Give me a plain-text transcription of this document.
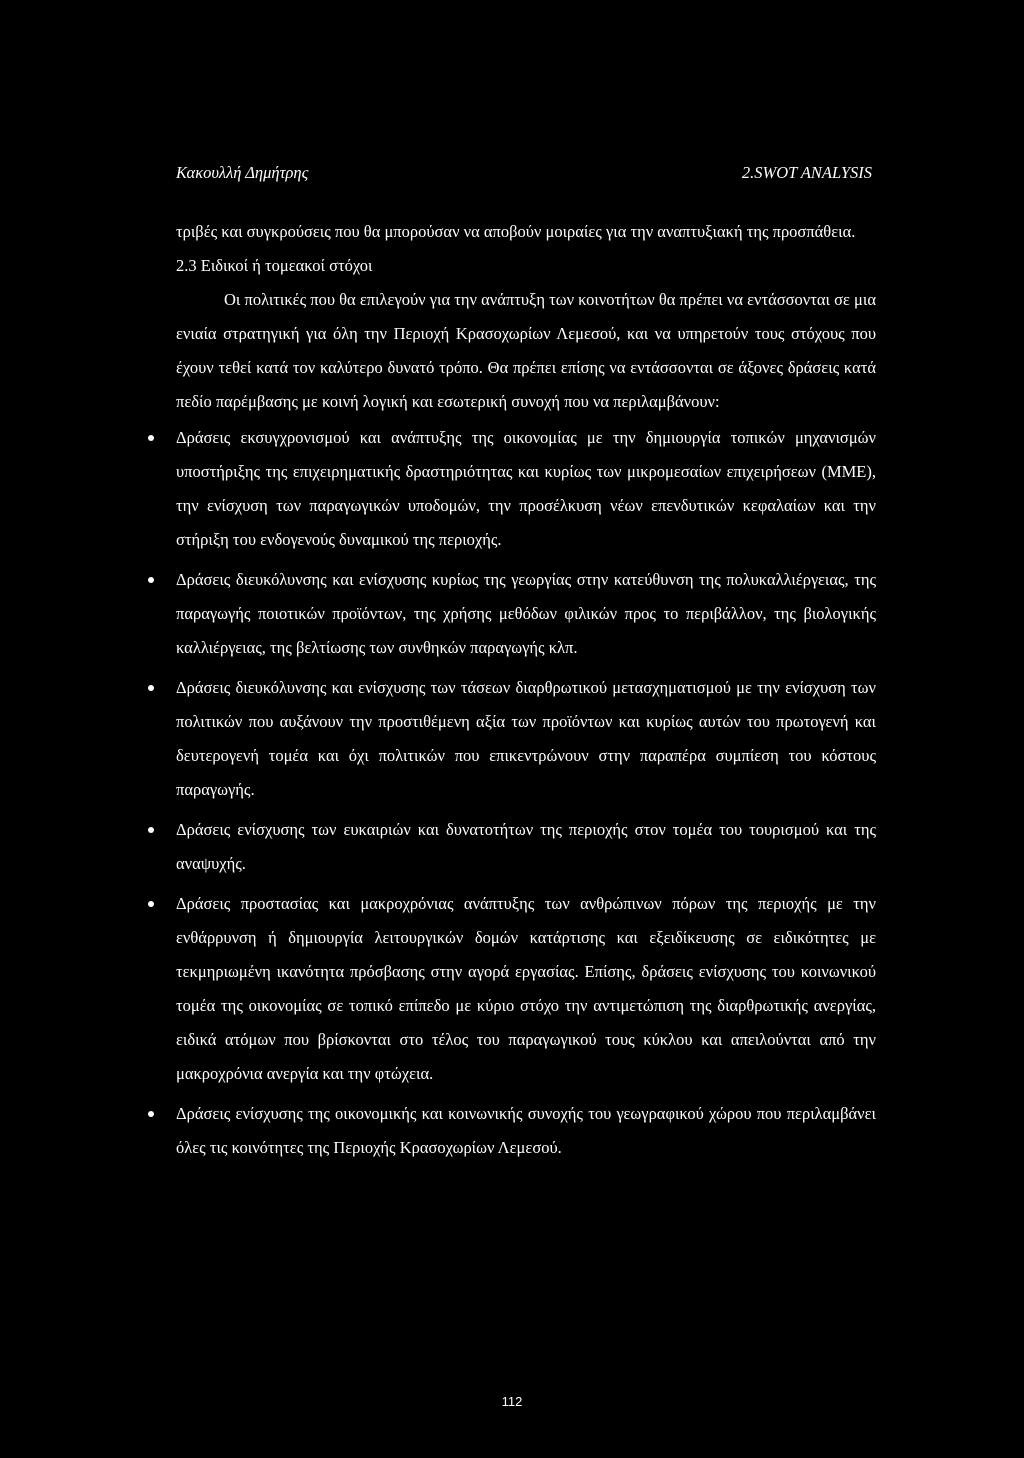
Κακουλλή Δημήτρης	2.SWOT ANALYSIS

τριβές και συγκρούσεις που θα μπορούσαν να αποβούν μοιραίες για την αναπτυξιακή της προσπάθεια.

2.3 Ειδικοί ή τομεακοί στόχοι

Οι πολιτικές που θα επιλεγούν για την ανάπτυξη των κοινοτήτων θα πρέπει να εντάσσονται σε μια ενιαία στρατηγική για όλη την Περιοχή Κρασοχωρίων Λεμεσού, και να υπηρετούν τους στόχους που έχουν τεθεί κατά τον καλύτερο δυνατό τρόπο. Θα πρέπει επίσης να εντάσσονται σε άξονες δράσεις κατά πεδίο παρέμβασης με κοινή λογική και εσωτερική συνοχή που να περιλαμβάνουν:

Δράσεις εκσυγχρονισμού και ανάπτυξης της οικονομίας με την δημιουργία τοπικών μηχανισμών υποστήριξης της επιχειρηματικής δραστηριότητας και κυρίως των μικρομεσαίων επιχειρήσεων (ΜΜΕ), την ενίσχυση των παραγωγικών υποδομών, την προσέλκυση νέων επενδυτικών κεφαλαίων και την στήριξη του ενδογενούς δυναμικού της περιοχής.
Δράσεις διευκόλυνσης και ενίσχυσης κυρίως της γεωργίας στην κατεύθυνση της πολυκαλλιέργειας, της παραγωγής ποιοτικών προϊόντων, της χρήσης μεθόδων φιλικών προς το περιβάλλον, της βιολογικής καλλιέργειας, της βελτίωσης των συνθηκών παραγωγής κλπ.
Δράσεις διευκόλυνσης και ενίσχυσης των τάσεων διαρθρωτικού μετασχηματισμού με την ενίσχυση των πολιτικών που αυξάνουν την προστιθέμενη αξία των προϊόντων και κυρίως αυτών του πρωτογενή και δευτερογενή τομέα και όχι πολιτικών που επικεντρώνουν στην παραπέρα συμπίεση του κόστους παραγωγής.
Δράσεις ενίσχυσης των ευκαιριών και δυνατοτήτων της περιοχής στον τομέα του τουρισμού και της αναψυχής.
Δράσεις προστασίας και μακροχρόνιας ανάπτυξης των ανθρώπινων πόρων της περιοχής με την ενθάρρυνση ή δημιουργία λειτουργικών δομών κατάρτισης και εξειδίκευσης σε ειδικότητες με τεκμηριωμένη ικανότητα πρόσβασης στην αγορά εργασίας. Επίσης, δράσεις ενίσχυσης του κοινωνικού τομέα της οικονομίας σε τοπικό επίπεδο με κύριο στόχο την αντιμετώπιση της διαρθρωτικής ανεργίας, ειδικά ατόμων που βρίσκονται στο τέλος του παραγωγικού τους κύκλου και απειλούνται από την μακροχρόνια ανεργία και την φτώχεια.
Δράσεις ενίσχυσης της οικονομικής και κοινωνικής συνοχής του γεωγραφικού χώρου που περιλαμβάνει όλες τις κοινότητες της Περιοχής Κρασοχωρίων Λεμεσού.
112
